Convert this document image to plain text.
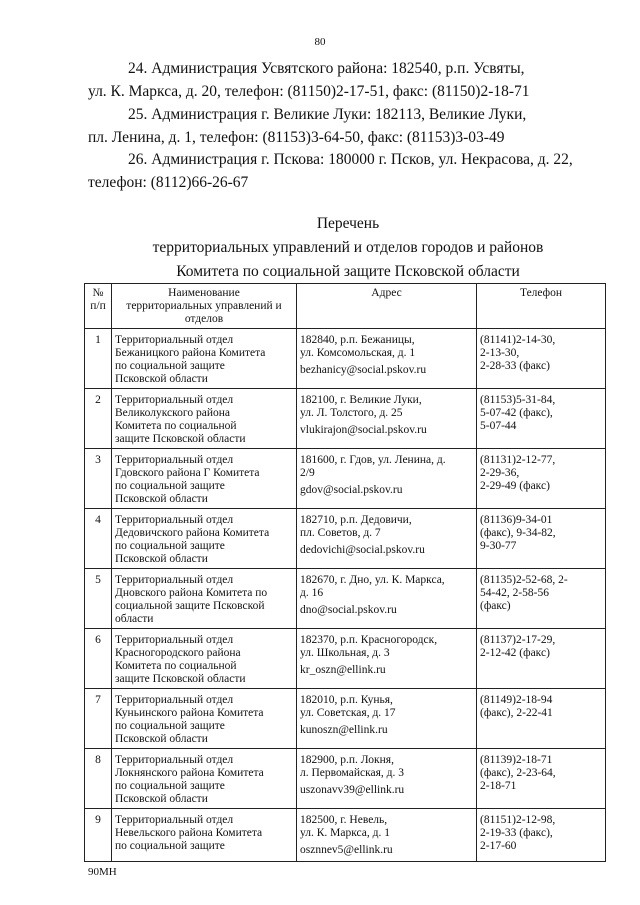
80

24. Администрация Усвятского района: 182540, р.п. Усвяты,

ул. К. Маркса, д. 20, телефон: (81150)2-17-51, факс: (81150)2-18-71

25. Администрация г. Великие Луки: 182113, Великие Луки,

пл. Ленина, д. 1, телефон: (81153)3-64-50, факс: (81153)3-03-49

26. Администрация г. Пскова: 180000 г. Псков, ул. Некрасова, д. 22,

телефон: (8112)66-26-67

Перечень
территориальных управлений и отделов городов и районов
Комитета по социальной защите Псковской области
№
п/п	Наименование
территориальных управлений и
отделов	Адрес	Телефон
1	Территориальный отдел
Бежаницкого района Комитета
по социальной защите
Псковской области	182840, р.п. Бежаницы,
ул. Комсомольская, д. 1
bezhanicy@social.pskov.ru	(81141)2-14-30,
2-13-30,
2-28-33 (факс)

2	Территориальный отдел
Великолукского района
Комитета по социальной
защите Псковской области	182100, г. Великие Луки,
ул. Л. Толстого, д. 25
vlukirajon@social.pskov.ru	(81153)5-31-84,
5-07-42 (факс),
5-07-44

3	Территориальный отдел
Гдовского района Г Комитета
по социальной защите
Псковской области	181600, г. Гдов, ул. Ленина, д.
2/9
gdov@social.pskov.ru	(81131)2-12-77,
2-29-36,
2-29-49 (факс)

4	Территориальный отдел
Дедовичского района Комитета
по социальной защите
Псковской области	182710, р.п. Дедовичи,
пл. Советов, д. 7
dedovichi@social.pskov.ru	(81136)9-34-01
(факс), 9-34-82,
9-30-77

5	Территориальный отдел
Дновского района Комитета по
социальной защите Псковской
области	182670, г. Дно, ул. К. Маркса,
д. 16
dno@social.pskov.ru	(81135)2-52-68, 2-
54-42, 2-58-56
(факс)

6	Территориальный отдел
Красногородского района
Комитета по социальной
защите Псковской области	182370, р.п. Красногородск,
ул. Школьная, д. 3
kr_oszn@ellink.ru	(81137)2-17-29,
2-12-42 (факс)

7	Территориальный отдел
Куньинского района Комитета
по социальной защите
Псковской области	182010, р.п. Кунья,
ул. Советская, д. 17
kunoszn@ellink.ru	(81149)2-18-94
(факс), 2-22-41

8	Территориальный отдел
Локнянского района Комитета
по социальной защите
Псковской области	182900, р.п. Локня,
л. Первомайская, д. 3
uszonavv39@ellink.ru	(81139)2-18-71
(факс), 2-23-64,
2-18-71

9	Территориальный отдел
Невельского района Комитета
по социальной защите	182500, г. Невель,
ул. К. Маркса, д. 1
osznnev5@ellink.ru	(81151)2-12-98,
2-19-33 (факс),
2-17-60
90МН
